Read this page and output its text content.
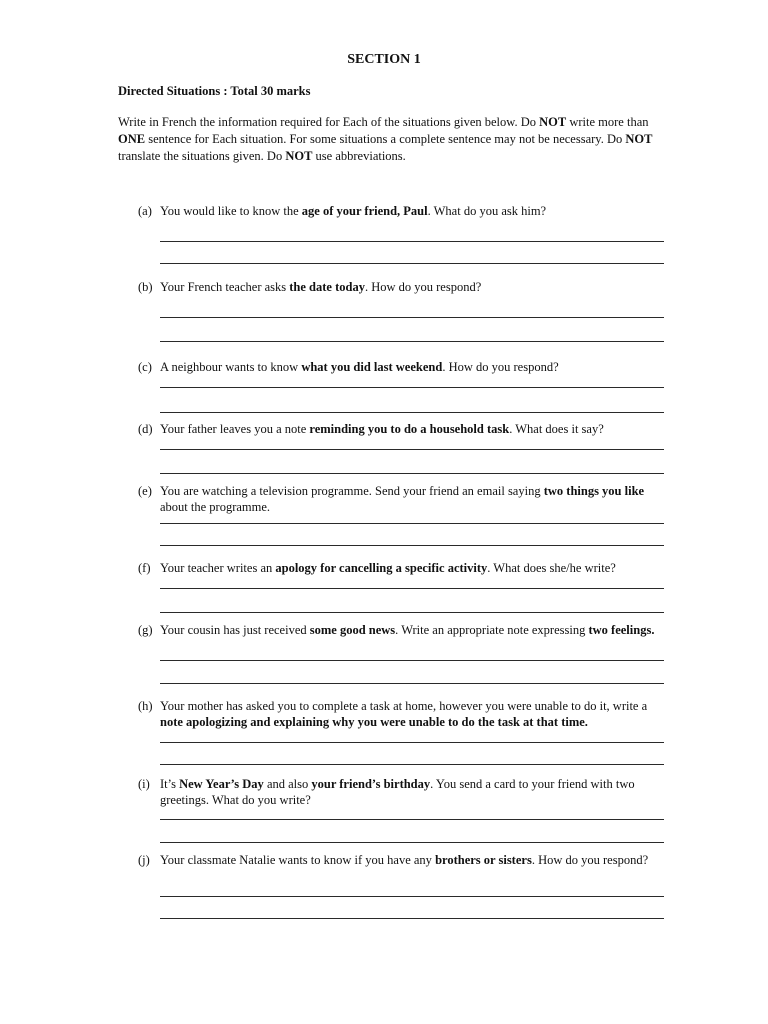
SECTION 1
Directed Situations : Total 30 marks
Write in French the information required for Each of the situations given below. Do NOT write more than ONE sentence for Each situation. For some situations a complete sentence may not be necessary. Do NOT translate the situations given. Do NOT use abbreviations.
(a) You would like to know the age of your friend, Paul. What do you ask him?
(b) Your French teacher asks the date today. How do you respond?
(c) A neighbour wants to know what you did last weekend. How do you respond?
(d) Your father leaves you a note reminding you to do a household task. What does it say?
(e) You are watching a television programme. Send your friend an email saying two things you like about the programme.
(f) Your teacher writes an apology for cancelling a specific activity. What does she/he write?
(g) Your cousin has just received some good news. Write an appropriate note expressing two feelings.
(h) Your mother has asked you to complete a task at home, however you were unable to do it, write a note apologizing and explaining why you were unable to do the task at that time.
(i) It’s New Year’s Day and also your friend’s birthday. You send a card to your friend with two greetings. What do you write?
(j) Your classmate Natalie wants to know if you have any brothers or sisters. How do you respond?
